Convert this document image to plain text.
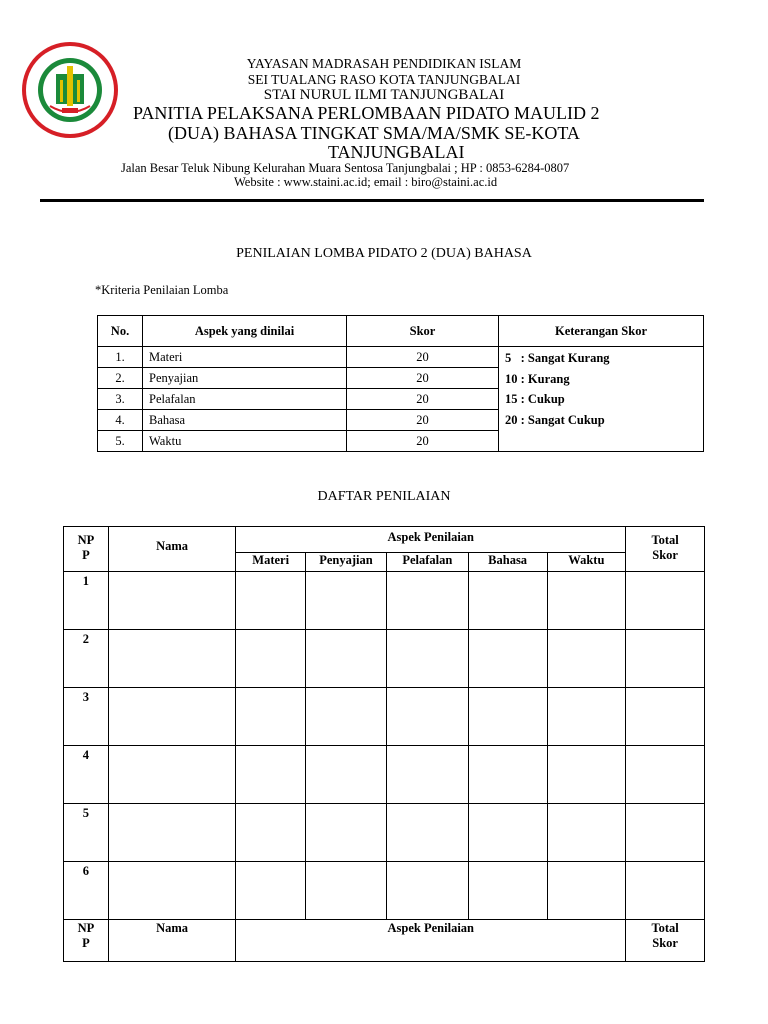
YAYASAN MADRASAH PENDIDIKAN ISLAM
SEI TUALANG RASO KOTA TANJUNGBALAI
STAI NURUL ILMI TANJUNGBALAI
PANITIA PELAKSANA PERLOMBAAN PIDATO MAULID 2
(DUA) BAHASA TINGKAT SMA/MA/SMK SE-KOTA
TANJUNGBALAI
Jalan Besar Teluk Nibung Kelurahan Muara Sentosa Tanjungbalai ; HP : 0853-6284-0807
Website : www.staini.ac.id; email : biro@staini.ac.id
PENILAIAN LOMBA PIDATO 2 (DUA) BAHASA
*Kriteria Penilaian Lomba
No.	Aspek yang dinilai	Skor	Keterangan Skor
1.	Materi	20	5   : Sangat Kurang
10 : Kurang
15 : Cukup
20 : Sangat Cukup

2.	Penyajian	20	
3.	Pelafalan	20	
4.	Bahasa	20	
5.	Waktu	20	
DAFTAR PENILAIAN
NP
P	Nama	Aspek Penilaian					Total
Skor
		Materi	Penyajian	Pelafalan	Bahasa	Waktu	
1							
2							
3							
4							
5							
6							
NP
P	Nama	Aspek Penilaian					Total
Skor
